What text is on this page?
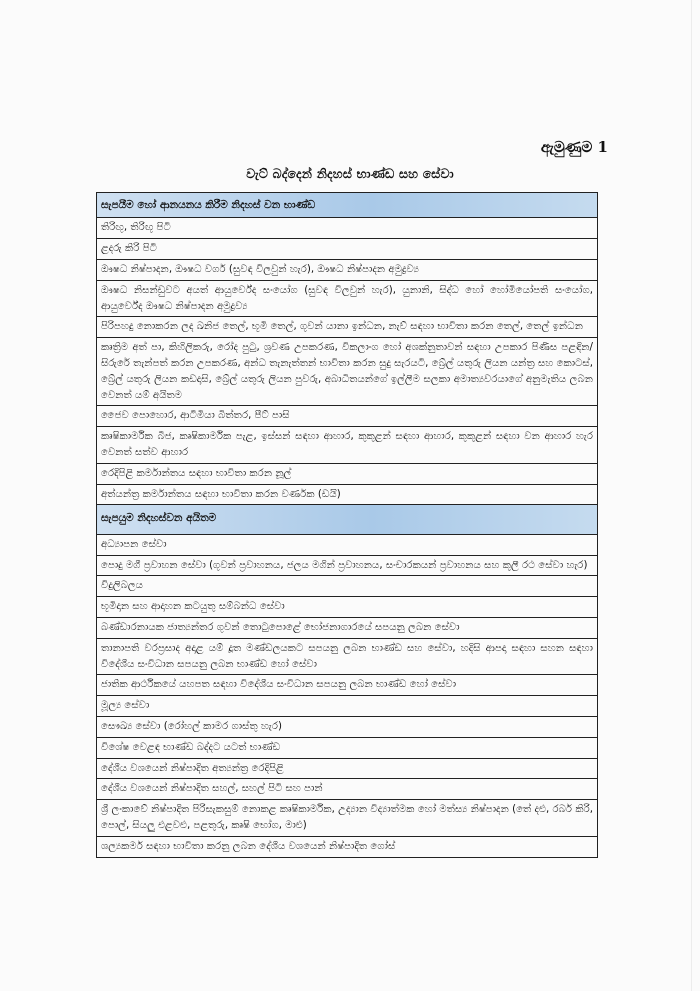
ඇමුණුම 1
වැට් බද්දෙන් නිදහස් භාණ්ඩ සහ සේවා
සැපයීම හෝ ආනයනය කිරීම නිදහස් වන භාණ්ඩ
තිරිඟු, තිරිඟු පිටි
ළදරු කිරි පිටි
ඖෂධ නිෂ්පාදන, ඖෂධ වර්ග (සුවඳ විලවුන් හැර), ඖෂධ නිෂ්පාදන අමුද්‍රව්‍ය
ඖෂධ නිසන්ඩුවට අයත් ආයුර්වේද සංයෝග (සුවඳ විලවුන් හැර), යුනානි, සිද්ධ හෝ හෝමියෝපති සංයෝග, ආයුර්වේද ඖෂධ නිෂ්පාදන අමුද්‍රව්‍ය
පිරිපහදු නොකරන ලද ඛනිජ තෙල්, භූමි තෙල්, ගුවන් යානා ඉන්ධන, නැව් සඳහා භාවිතා කරන තෙල්, තෙල් ඉන්ධන
කෘත්‍රිම අත් පා, කිහිලිකරු, රෝද පුටු, ශ්‍රවණ උපකරණ, විකලාංග හෝ අශක්නුතාවන් සඳහා උපකාර පිණිස පළඳින/ සිරුරේ තැන්පත් කරන උපකරණ, අන්ධ තැනැත්තන් භාවිතා කරන සුදු සැරයටි, බ්‍රේල් යතුරු ලියන යන්ත්‍ර සහ කොටස්, බ්‍රේල් යතුරු ලියන කඩදාසි, බ්‍රේල් යතුරු ලියන පුවරු, අබාධිතයන්ගේ ඉල්ලීම සලකා අමාත්‍යවරයාගේ අනුමැතිය ලබන වෙනත් යම් අයිතම
ජෛව පොහොර, ආටීමියා බිත්තර, පීට් පාසි
කෘෂිකාර්මික බීජ, කෘෂිකාර්මික පැළ, ඉස්සන් සඳහා ආහාර, කුකුළන් සඳහා ආහාර, කුකුළන් සඳහා වන ආහාර හැර වෙනත් සත්ව ආහාර
රෙදිපිළි කර්මාන්තය සඳහා භාවිතා කරන නූල්
අත්යන්ත්‍ර කර්මාන්තය සඳහා භාවිතා කරන වර්ණක (ඩයි)
සැපයුම නිදහස්වන අයිතම
අධ්‍යාපන සේවා
පොදු මගී ප්‍රවාහන සේවා (ගුවන් ප්‍රවාහනය, ජලය මගින් ප්‍රවාහනය, සංචාරකයන් ප්‍රවාහනය සහ කුලී රථ සේවා හැර)
විදුලිබලය
භූමිදාන සහ ආදාහන කටයුතු සම්බන්ධ සේවා
බණ්ඩාරනායක ජාත්‍යන්තර ගුවන් තොටුපොළේ භෝජනාගාරයේ සපයනු ලබන සේවා
තානාපති වරප්‍රසාද අදාළ යම් දූත මණ්ඩලයකට සපයනු ලබන භාණ්ඩ සහ සේවා, හදිසි ආපදා සඳහා සහන සඳහා විදේශීය සංවිධාන සපයනු ලබන භාණ්ඩ හෝ සේවා
ජාතික ආර්ථිකයේ යහපත සඳහා විදේශීය සංවිධාන සපයනු ලබන භාණ්ඩ හෝ සේවා
මූල්‍ය සේවා
සෞඛ්‍ය සේවා (රෝහල් කාමර ගාස්තු හැර)
විශේෂ වෙළඳ භාණ්ඩ බද්දට යටත් භාණ්ඩ
දේශීය වශයෙන් නිෂ්පාදිත අත්‍යන්ත්‍ර රෙදිපිළි
දේශීය වශයෙන් නිෂ්පාදිත සහල්, සහල් පිටි සහ පාන්
ශ්‍රී ලංකාවේ නිෂ්පාදිත පිරිසැකසුම් නොකළ කෘෂිකාර්මික, උද්‍යාන විද්‍යාත්මක හෝ මත්ස්‍ය නිෂ්පාදන (තේ දළු, රබර් කිරි, පොල්, සියලු එළවළු, පළතුරු, කෘෂි භෝග, මාළු)
ශල්‍යකර්ම සඳහා භාවිතා කරනු ලබන දේශීය වශයෙන් නිෂ්පාදිත ගෝස්
